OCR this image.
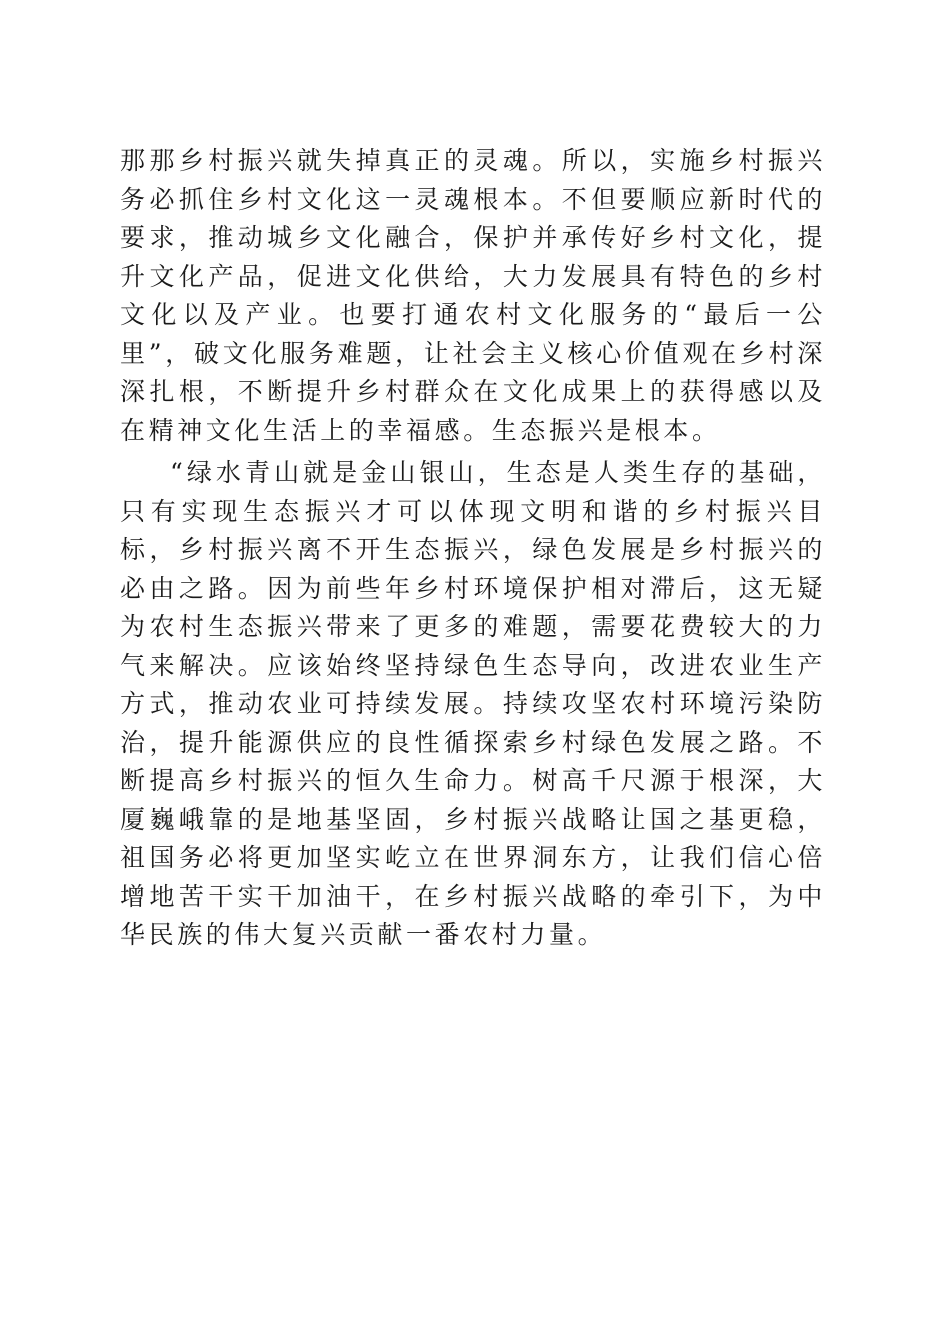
那那乡村振兴就失掉真正的灵魂。所以，实施乡村振兴务必抓住乡村文化这一灵魂根本。不但要顺应新时代的要求，推动城乡文化融合，保护并承传好乡村文化，提升文化产品，促进文化供给，大力发展具有特色的乡村文化以及产业。也要打通农村文化服务的“最后一公里”，破文化服务难题，让社会主义核心价值观在乡村深深扎根，不断提升乡村群众在文化成果上的获得感以及在精神文化生活上的幸福感。生态振兴是根本。
“绿水青山就是金山银山，生态是人类生存的基础，只有实现生态振兴才可以体现文明和谐的乡村振兴目标，乡村振兴离不开生态振兴，绿色发展是乡村振兴的必由之路。因为前些年乡村环境保护相对滞后，这无疑为农村生态振兴带来了更多的难题，需要花费较大的力气来解决。应该始终坚持绿色生态导向，改进农业生产方式，推动农业可持续发展。持续攻坚农村环境污染防治，提升能源供应的良性循探索乡村绿色发展之路。不断提高乡村振兴的恒久生命力。树高千尺源于根深，大厦巍峨靠的是地基坚固，乡村振兴战略让国之基更稳，祖国务必将更加坚实屹立在世界洞东方，让我们信心倍增地苦干实干加油干，在乡村振兴战略的牵引下，为中华民族的伟大复兴贡献一番农村力量。
